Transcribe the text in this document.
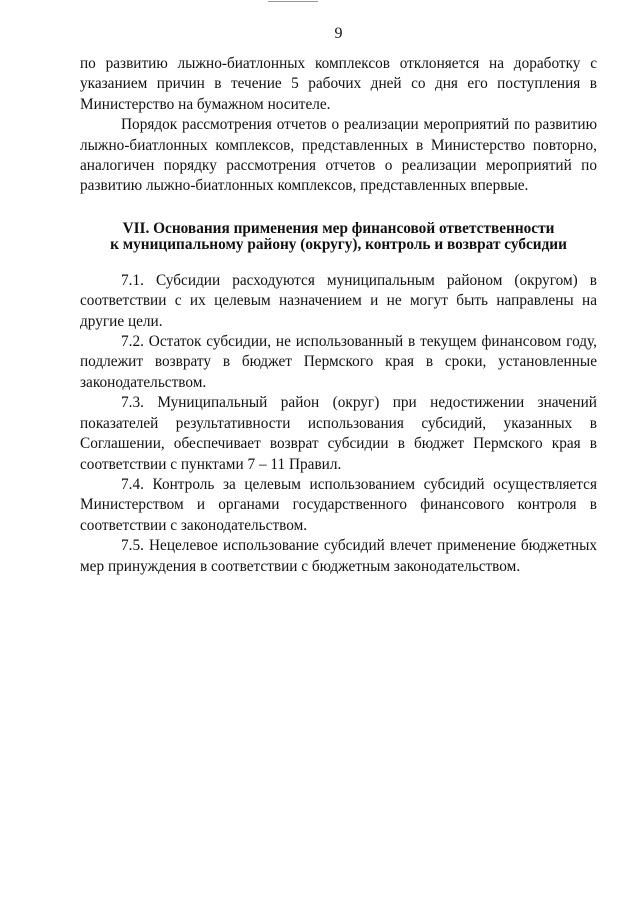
9

по развитию лыжно-биатлонных комплексов отклоняется на доработку с указанием причин в течение 5 рабочих дней со дня его поступления в Министерство на бумажном носителе.

Порядок рассмотрения отчетов о реализации мероприятий по развитию лыжно-биатлонных комплексов, представленных в Министерство повторно, аналогичен порядку рассмотрения отчетов о реализации мероприятий по развитию лыжно-биатлонных комплексов, представленных впервые.

VII. Основания применения мер финансовой ответственности
к муниципальному району (округу), контроль и возврат субсидии

7.1. Субсидии расходуются муниципальным районом (округом) в соответствии с их целевым назначением и не могут быть направлены на другие цели.

7.2. Остаток субсидии, не использованный в текущем финансовом году, подлежит возврату в бюджет Пермского края в сроки, установленные законодательством.

7.3. Муниципальный район (округ) при недостижении значений показателей результативности использования субсидий, указанных в Соглашении, обеспечивает возврат субсидии в бюджет Пермского края в соответствии с пунктами 7 – 11 Правил.

7.4. Контроль за целевым использованием субсидий осуществляется Министерством и органами государственного финансового контроля в соответствии с законодательством.

7.5. Нецелевое использование субсидий влечет применение бюджетных мер принуждения в соответствии с бюджетным законодательством.
